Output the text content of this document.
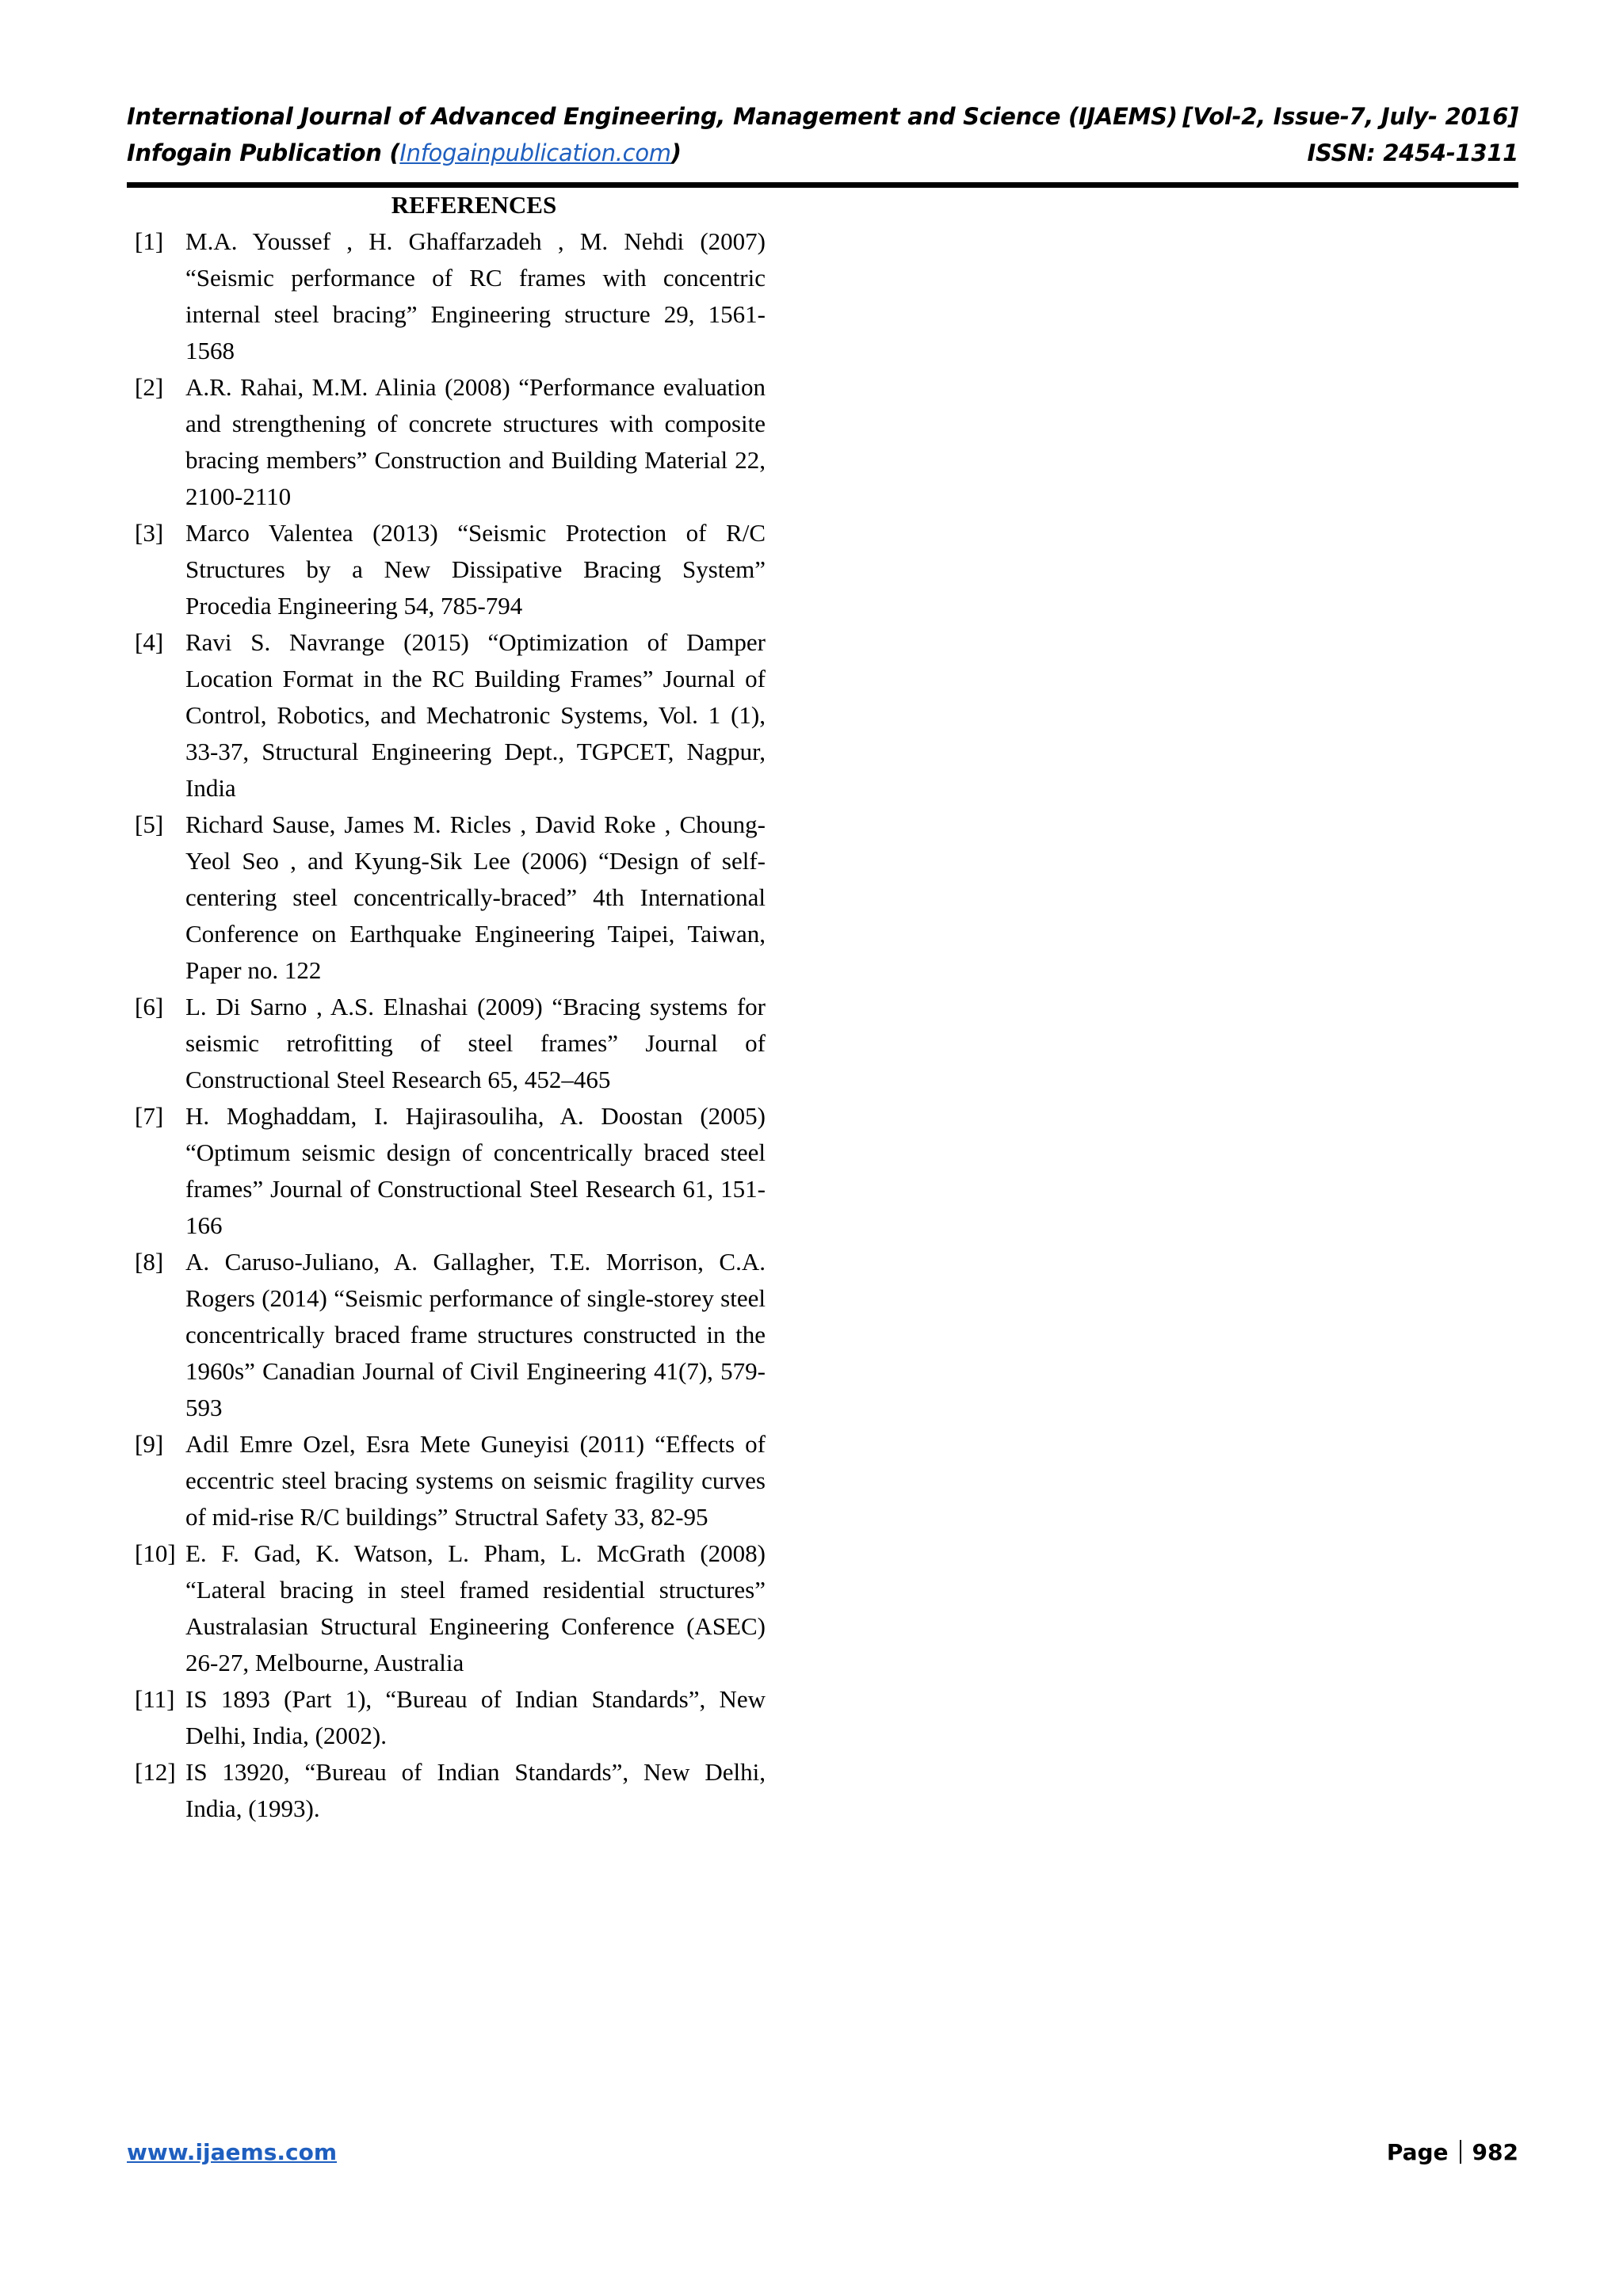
International Journal of Advanced Engineering, Management and Science (IJAEMS) [Vol-2, Issue-7, July- 2016]
Infogain Publication (Infogainpublication.com)	ISSN: 2454-1311
REFERENCES
[1] M.A. Youssef , H. Ghaffarzadeh , M. Nehdi (2007) “Seismic performance of RC frames with concentric internal steel bracing” Engineering structure 29, 1561-1568
[2] A.R. Rahai, M.M. Alinia (2008) “Performance evaluation and strengthening of concrete structures with composite bracing members” Construction and Building Material 22, 2100-2110
[3] Marco Valentea (2013) “Seismic Protection of R/C Structures by a New Dissipative Bracing System” Procedia Engineering 54, 785-794
[4] Ravi S. Navrange (2015) “Optimization of Damper Location Format in the RC Building Frames” Journal of Control, Robotics, and Mechatronic Systems, Vol. 1 (1), 33-37, Structural Engineering Dept., TGPCET, Nagpur, India
[5] Richard Sause, James M. Ricles , David Roke , Choung-Yeol Seo , and Kyung-Sik Lee (2006) “Design of self-centering steel concentrically-braced” 4th International Conference on Earthquake Engineering Taipei, Taiwan, Paper no. 122
[6] L. Di Sarno , A.S. Elnashai (2009) “Bracing systems for seismic retrofitting of steel frames” Journal of Constructional Steel Research 65, 452–465
[7] H. Moghaddam, I. Hajirasouliha, A. Doostan (2005) “Optimum seismic design of concentrically braced steel frames” Journal of Constructional Steel Research 61, 151-166
[8] A. Caruso-Juliano, A. Gallagher, T.E. Morrison, C.A. Rogers (2014) “Seismic performance of single-storey steel concentrically braced frame structures constructed in the 1960s” Canadian Journal of Civil Engineering 41(7), 579-593
[9] Adil Emre Ozel, Esra Mete Guneyisi (2011) “Effects of eccentric steel bracing systems on seismic fragility curves of mid-rise R/C buildings” Structral Safety 33, 82-95
[10] E. F. Gad, K. Watson, L. Pham, L. McGrath (2008) “Lateral bracing in steel framed residential structures” Australasian Structural Engineering Conference (ASEC) 26-27, Melbourne, Australia
[11] IS 1893 (Part 1), “Bureau of Indian Standards”, New Delhi, India, (2002).
[12] IS 13920, “Bureau of Indian Standards”, New Delhi, India, (1993).
www.ijaems.com	Page 982
